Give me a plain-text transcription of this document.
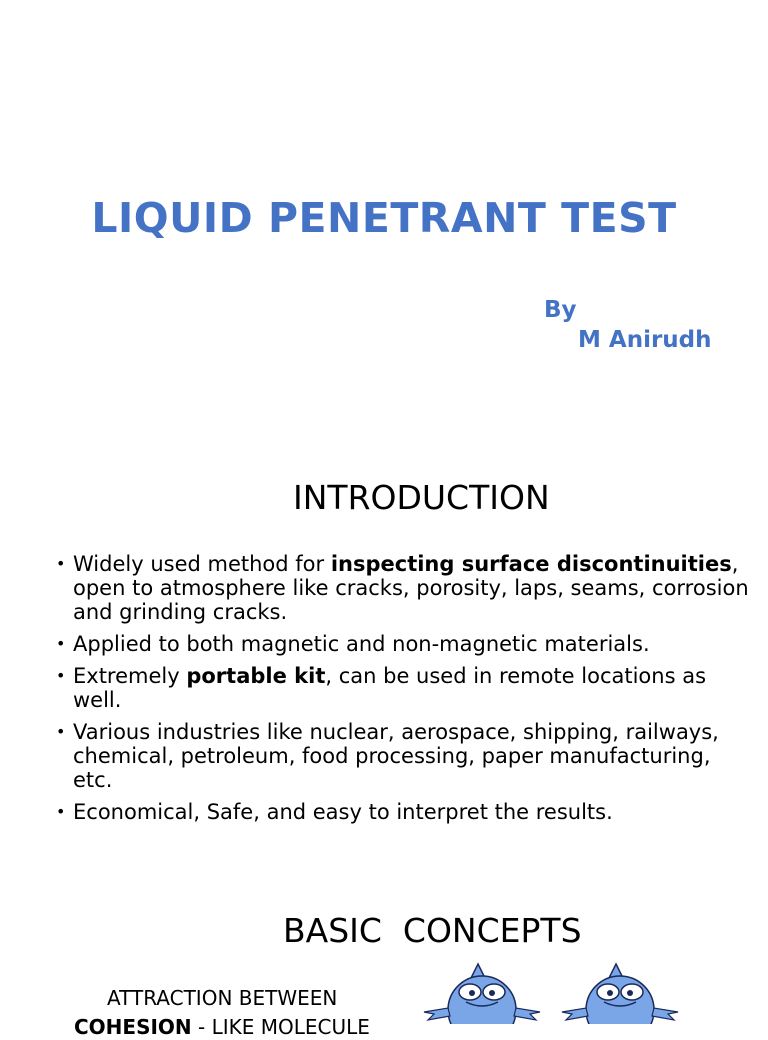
LIQUID PENETRANT TEST
By
M Anirudh
INTRODUCTION
• Widely used method for inspecting surface discontinuities, open to atmosphere like cracks, porosity, laps, seams, corrosion and grinding cracks.
• Applied to both magnetic and non-magnetic materials.
• Extremely portable kit, can be used in remote locations as well.
• Various industries like nuclear, aerospace, shipping, railways, chemical, petroleum, food processing, paper manufacturing, etc.
• Economical, Safe, and easy to interpret the results.
BASIC  CONCEPTS
ATTRACTION BETWEEN
COHESION - LIKE MOLECULE
